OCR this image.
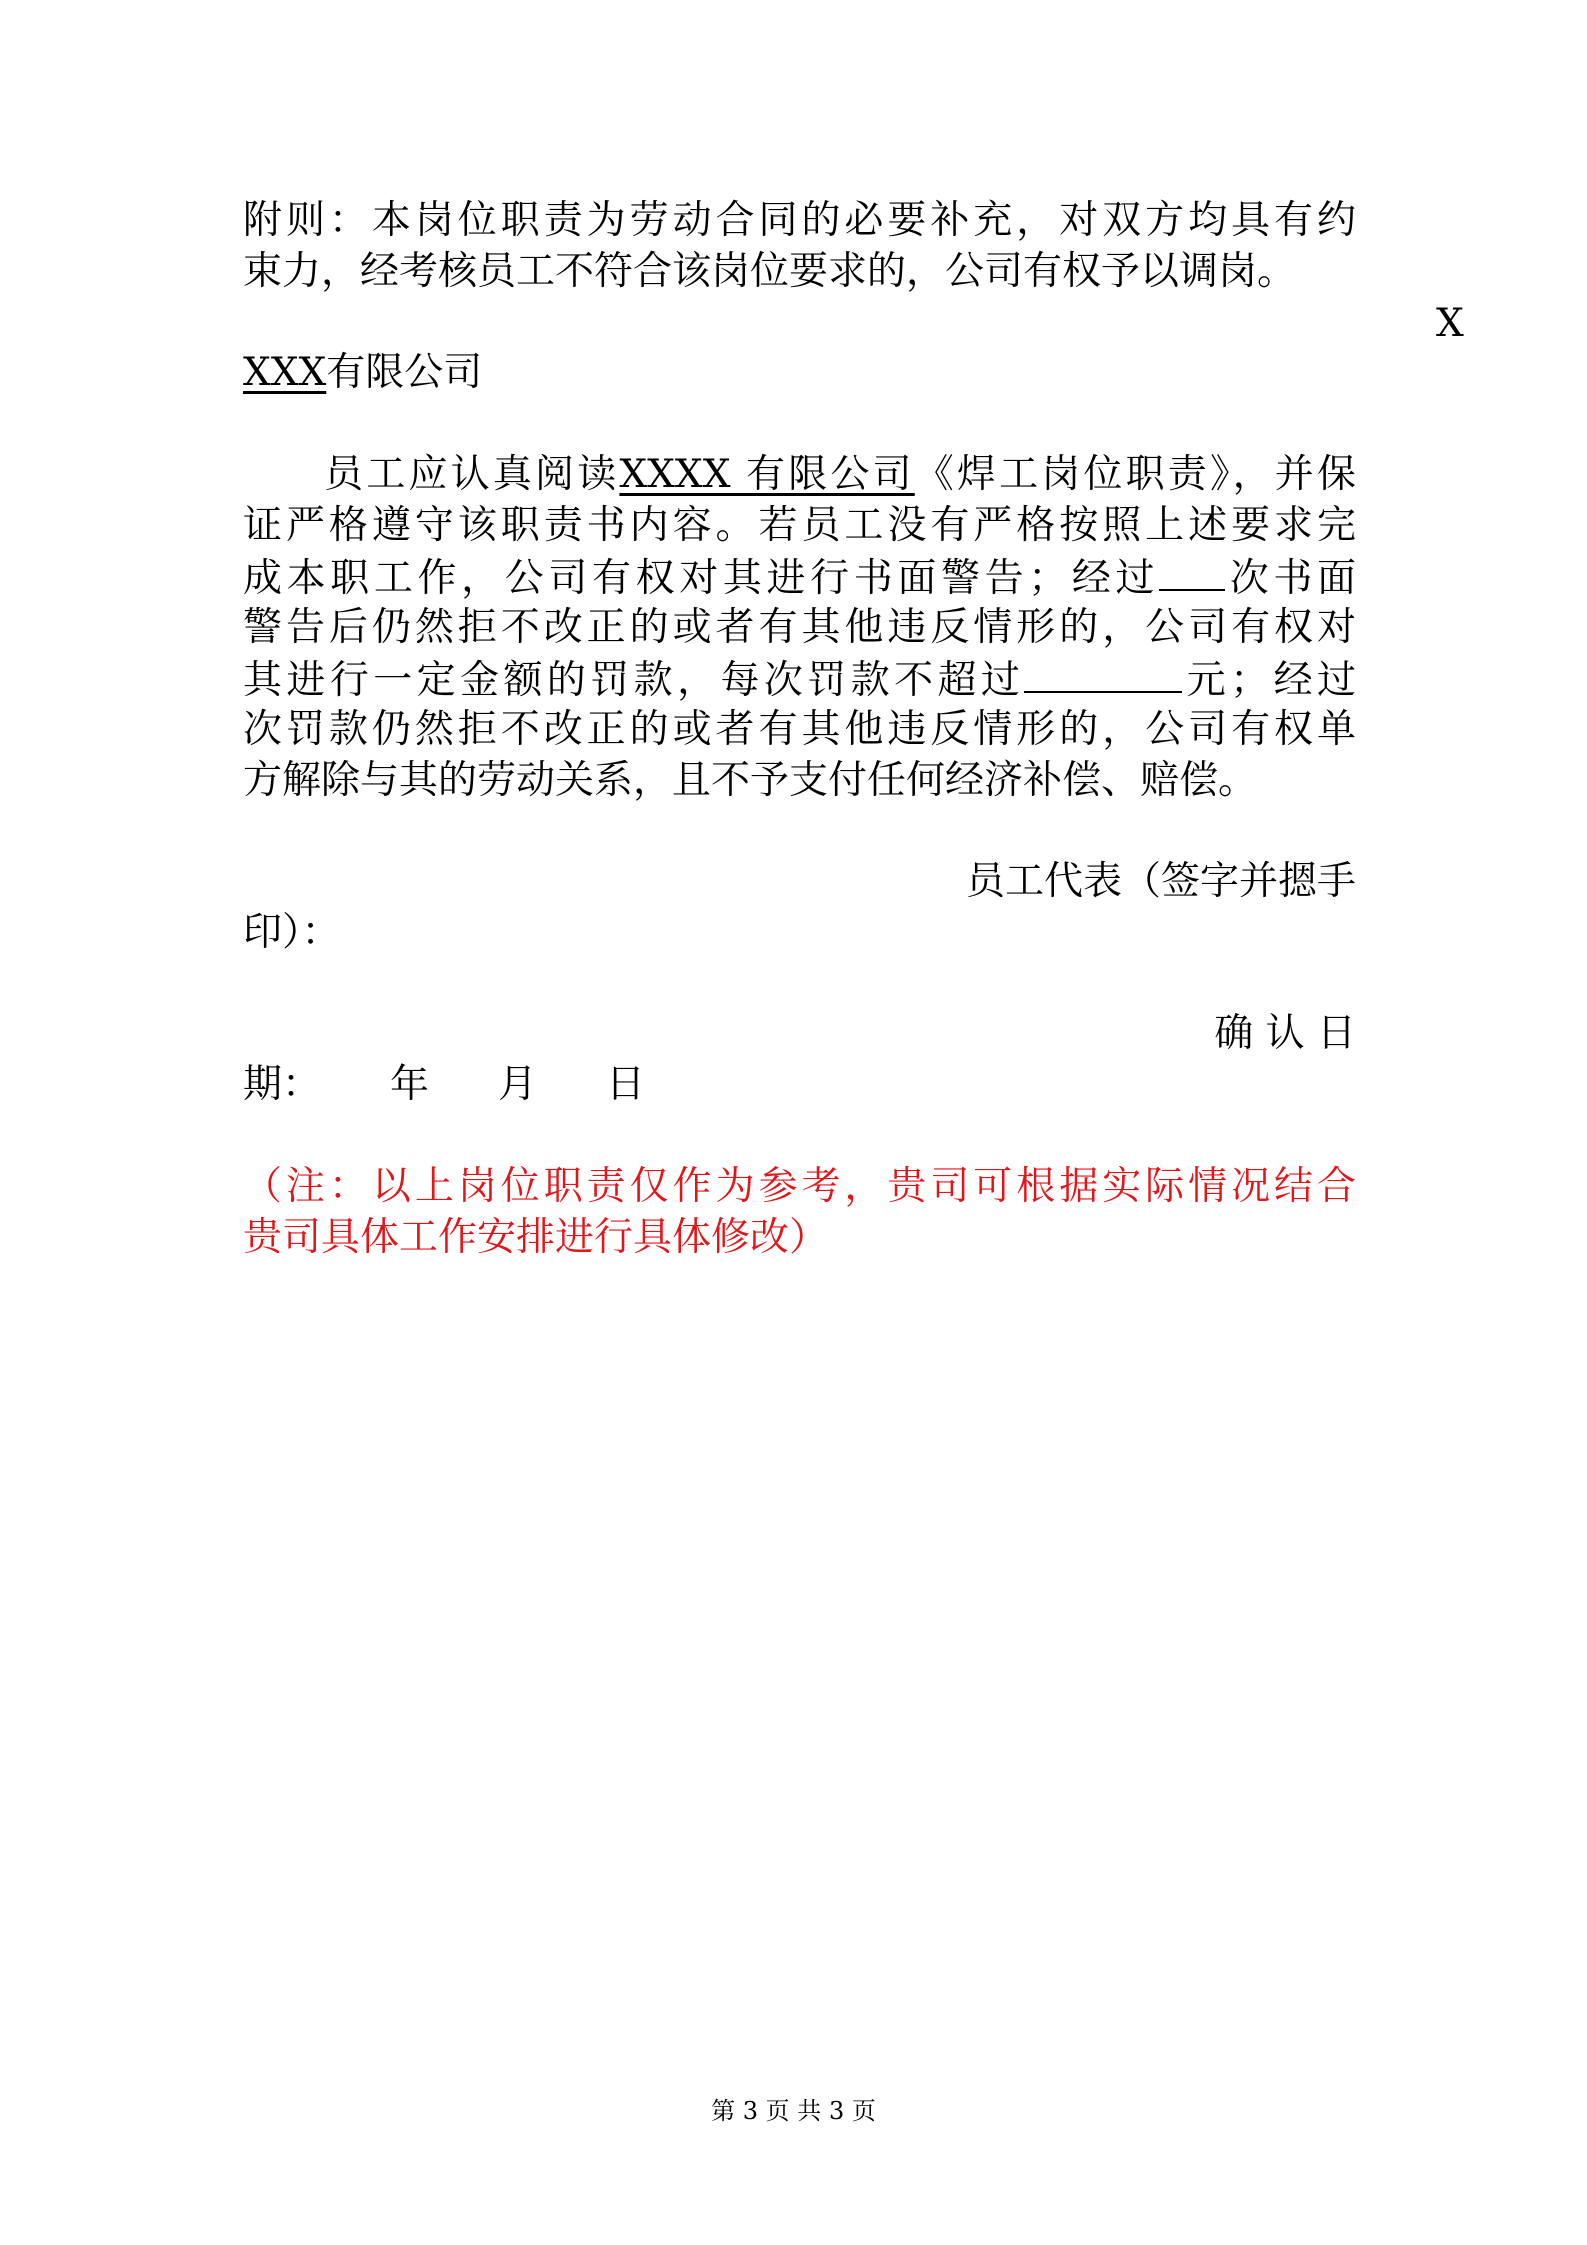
附则：本岗位职责为劳动合同的必要补充，对双方均具有约
束力，经考核员工不符合该岗位要求的，公司有权予以调岗。
X
XXX有限公司
员工应认真阅读XXXX 有限公司《焊工岗位职责》，并保
证严格遵守该职责书内容。若员工没有严格按照上述要求完
成本职工作，公司有权对其进行书面警告；经过 次书面
警告后仍然拒不改正的或者有其他违反情形的，公司有权对
其进行一定金额的罚款，每次罚款不超过	元；经过
次罚款仍然拒不改正的或者有其他违反情形的，公司有权单
方解除与其的劳动关系，且不予支付任何经济补偿、赔偿。
员工代表（签字并摁手
印）：
确 认 日
期： 年 月 日
（注：以上岗位职责仅作为参考，贵司可根据实际情况结合
贵司具体工作安排进行具体修改）
第 3 页 共 3 页
